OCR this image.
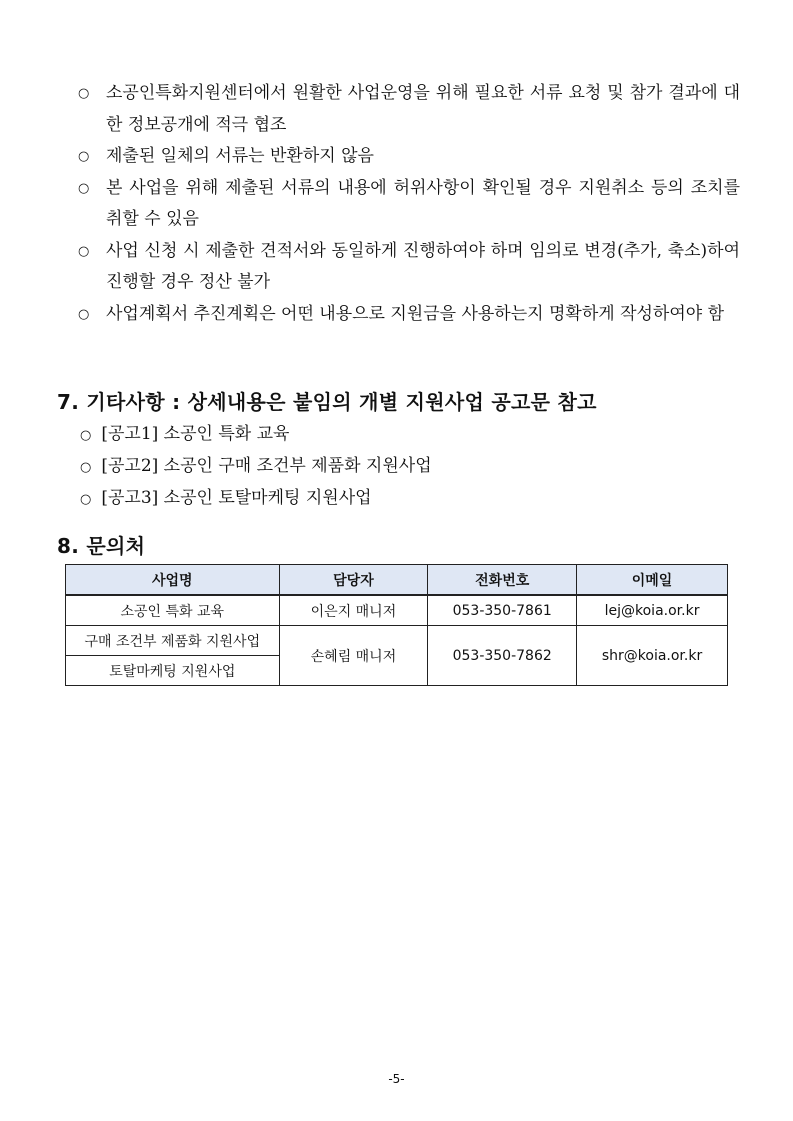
○ 소공인특화지원센터에서 원활한 사업운영을 위해 필요한 서류 요청 및 참가 결과에 대한 정보공개에 적극 협조

○ 제출된 일체의 서류는 반환하지 않음

○ 본 사업을 위해 제출된 서류의 내용에 허위사항이 확인될 경우 지원취소 등의 조치를 취할 수 있음

○ 사업 신청 시 제출한 견적서와 동일하게 진행하여야 하며 임의로 변경(추가, 축소)하여 진행할 경우 정산 불가

○ 사업계획서 추진계획은 어떤 내용으로 지원금을 사용하는지 명확하게 작성하여야 함

7. 기타사항 : 상세내용은 붙임의 개별 지원사업 공고문 참고

○ [공고1] 소공인 특화 교육

○ [공고2] 소공인 구매 조건부 제품화 지원사업

○ [공고3] 소공인 토탈마케팅 지원사업

8. 문의처
사업명	담당자	전화번호	이메일
소공인 특화 교육	이은지 매니저	053-350-7861	lej@koia.or.kr
구매 조건부 제품화 지원사업	손혜림 매니저	053-350-7862	shr@koia.or.kr
토탈마케팅 지원사업			
-5-
